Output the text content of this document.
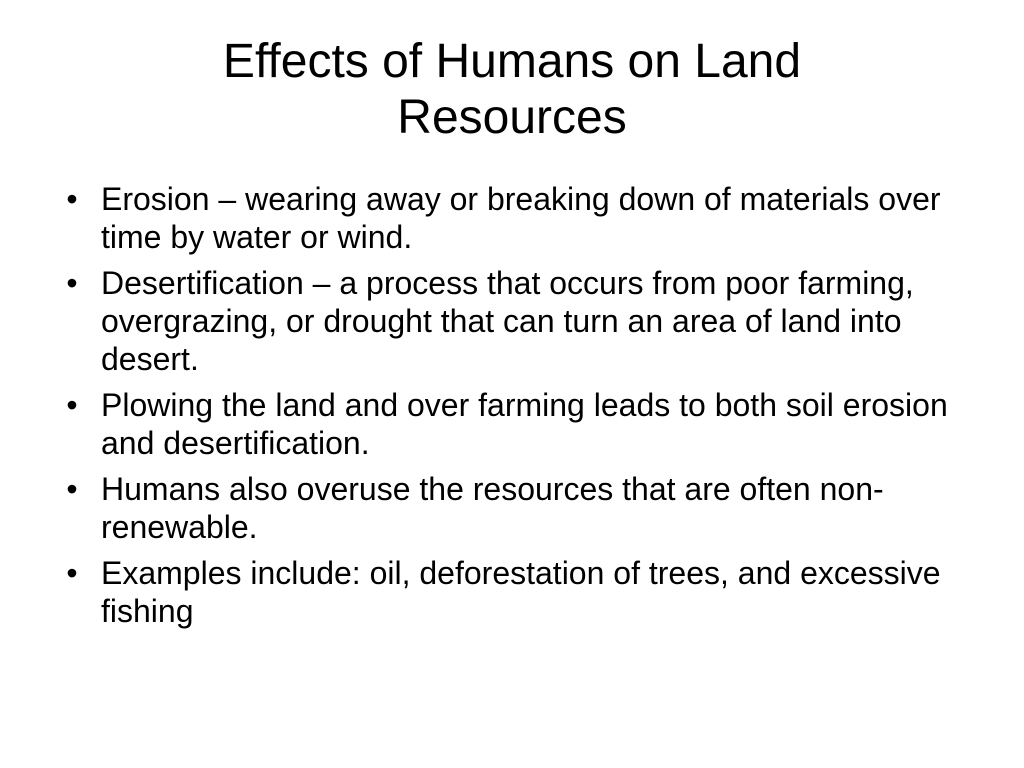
Effects of Humans on Land
Resources
• Erosion – wearing away or breaking down of materials over time by water or wind.
• Desertification – a process that occurs from poor farming, overgrazing, or drought that can turn an area of land into desert.
• Plowing the land and over farming leads to both soil erosion and desertification.
• Humans also overuse the resources that are often non-renewable.
• Examples include: oil, deforestation of trees, and excessive fishing
